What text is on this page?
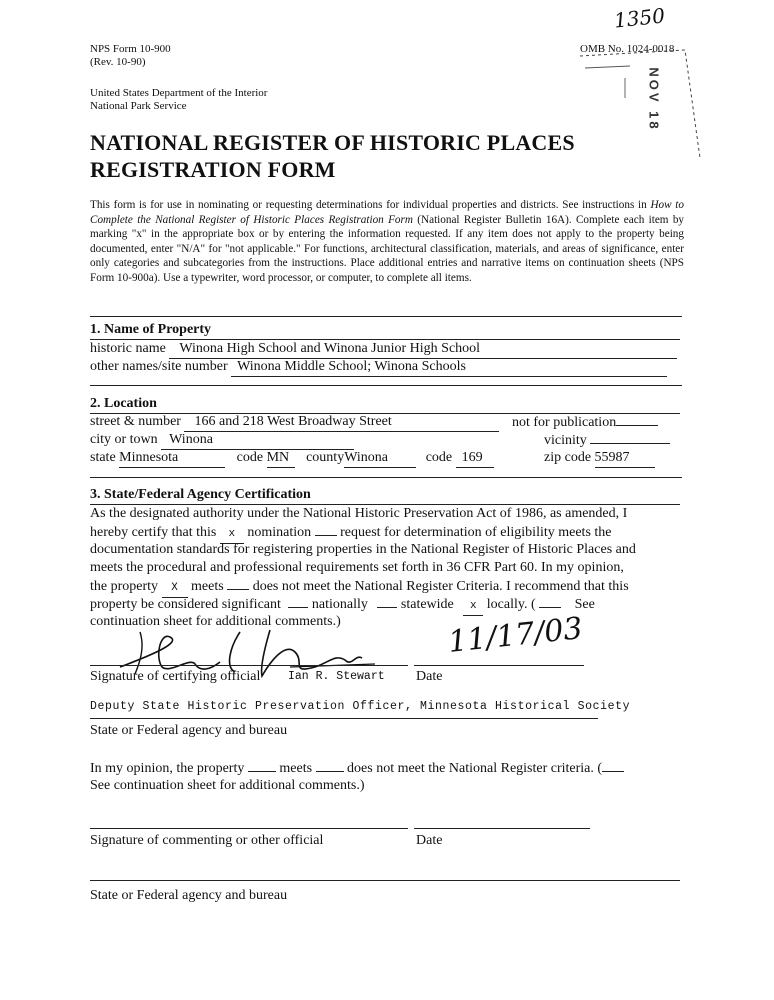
NPS Form 10-900
(Rev. 10-90)
OMB No. 1024-0018
1350
NOV 18
United States Department of the Interior
National Park Service
NATIONAL REGISTER OF HISTORIC PLACES
REGISTRATION FORM
This form is for use in nominating or requesting determinations for individual properties and districts. See instructions in How to Complete the National Register of Historic Places Registration Form (National Register Bulletin 16A). Complete each item by marking "x" in the appropriate box or by entering the information requested. If any item does not apply to the property being documented, enter "N/A" for "not applicable." For functions, architectural classification, materials, and areas of significance, enter only categories and subcategories from the instructions. Place additional entries and narrative items on continuation sheets (NPS Form 10-900a). Use a typewriter, word processor, or computer, to complete all items.
1. Name of Property
historic name Winona High School and Winona Junior High School
other names/site number Winona Middle School; Winona Schools
2. Location
street & number 166 and 218 West Broadway Street	not for publication
city or town Winona	vicinity
state Minnesota	code MN countyWinona	code 169	zip code 55987
3. State/Federal Agency Certification
As the designated authority under the National Historic Preservation Act of 1986, as amended, I
hereby certify that this x nomination request for determination of eligibility meets the
documentation standards for registering properties in the National Register of Historic Places and
meets the procedural and professional requirements set forth in 36 CFR Part 60. In my opinion,
the property X meets does not meet the National Register Criteria. I recommend that this
property be considered significant nationally statewide x locally. (	See
continuation sheet for additional comments.)	11/17/03
Signature of certifying official Ian R. Stewart Date
Deputy State Historic Preservation Officer, Minnesota Historical Society
State or Federal agency and bureau
In my opinion, the property	meets	does not meet the National Register criteria. (
See continuation sheet for additional comments.)
Signature of commenting or other official	Date
State or Federal agency and bureau
